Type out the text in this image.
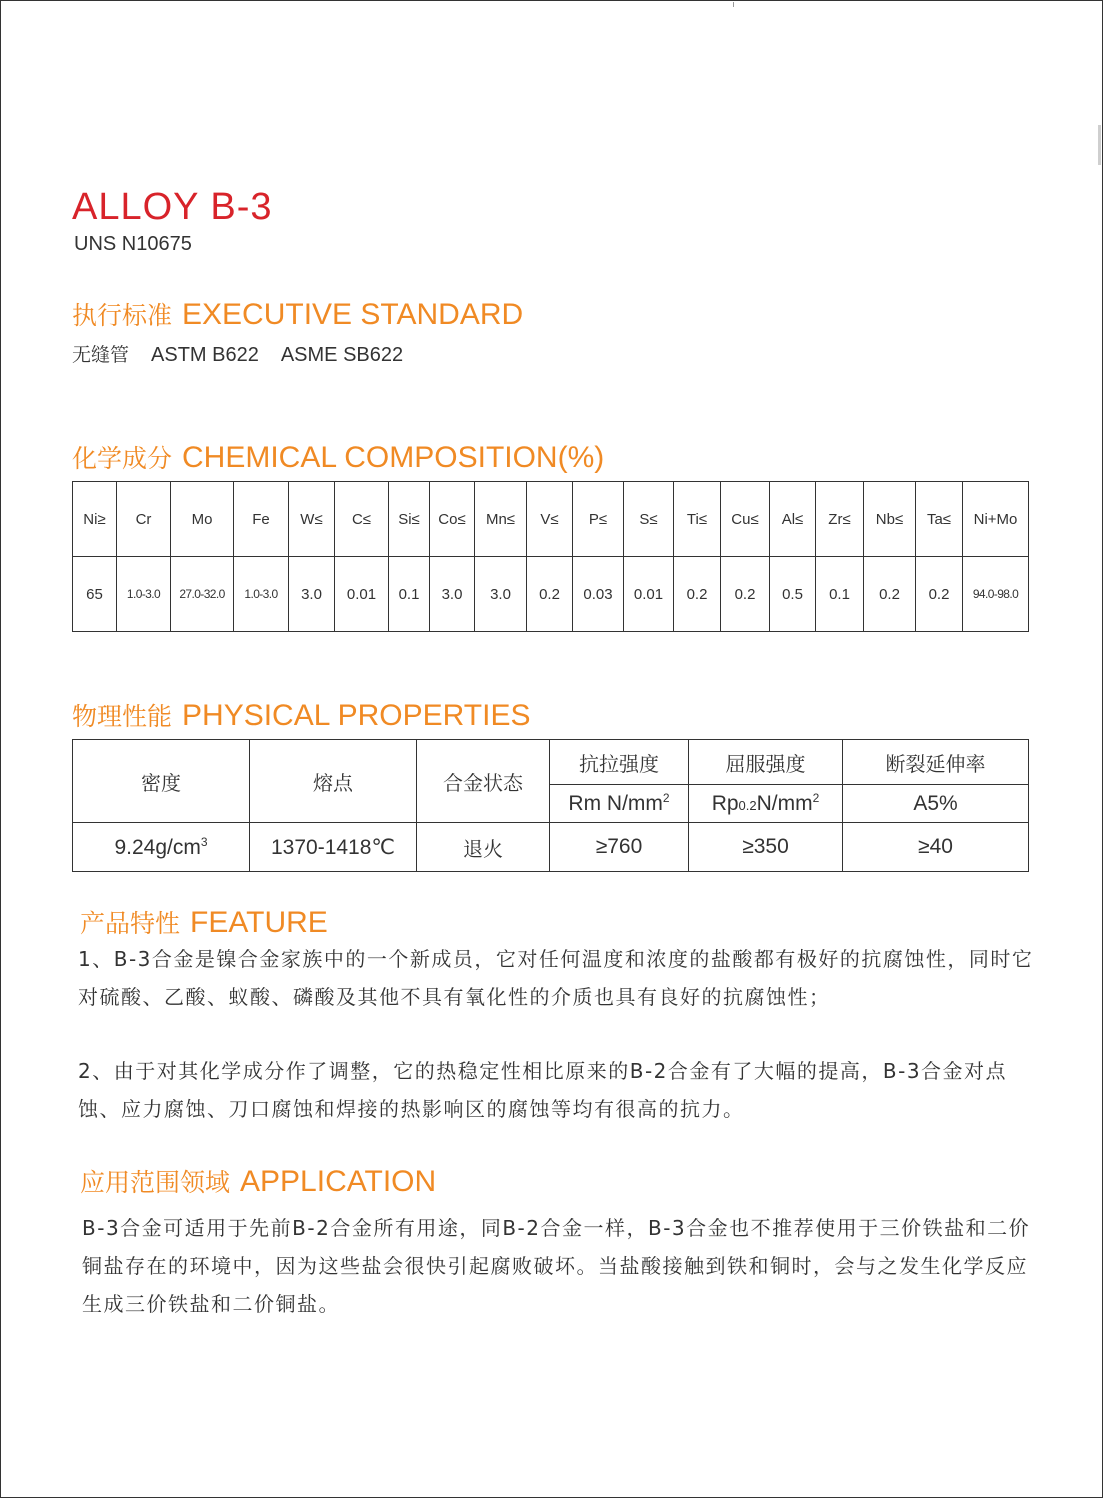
ALLOY B-3
UNS N10675
执行标准 EXECUTIVE STANDARD
无缝管 ASTM B622 ASME SB622
化学成分 CHEMICAL COMPOSITION(%)
Ni≥	Cr	Mo	Fe	W≤	C≤	Si≤	Co≤	Mn≤	V≤	P≤	S≤	Ti≤	Cu≤	Al≤	Zr≤	Nb≤	Ta≤	Ni+Mo
65	1.0-3.0	27.0-32.0	1.0-3.0	3.0	0.01	0.1	3.0	3.0	0.2	0.03	0.01	0.2	0.2	0.5	0.1	0.2	0.2	94.0-98.0
物理性能 PHYSICAL PROPERTIES
密度	熔点	合金状态	抗拉强度	屈服强度	断裂延伸率
			Rm $N/mm^2$	$Rp0.2N/mm^2$	A5%
$9.24g/cm^3$	1370-1418℃	退火	≥760	≥350	≥40
产品特性 FEATURE
1、B-3合金是镍合金家族中的一个新成员，它对任何温度和浓度的盐酸都有极好的抗腐蚀性，同时它对硫酸、乙酸、蚁酸、磷酸及其他不具有氧化性的介质也具有良好的抗腐蚀性；
2、由于对其化学成分作了调整，它的热稳定性相比原来的B-2合金有了大幅的提高，B-3合金对点蚀、应力腐蚀、刀口腐蚀和焊接的热影响区的腐蚀等均有很高的抗力。
应用范围领域 APPLICATION
B-3合金可适用于先前B-2合金所有用途，同B-2合金一样，B-3合金也不推荐使用于三价铁盐和二价铜盐存在的环境中，因为这些盐会很快引起腐败破坏。当盐酸接触到铁和铜时，会与之发生化学反应生成三价铁盐和二价铜盐。
